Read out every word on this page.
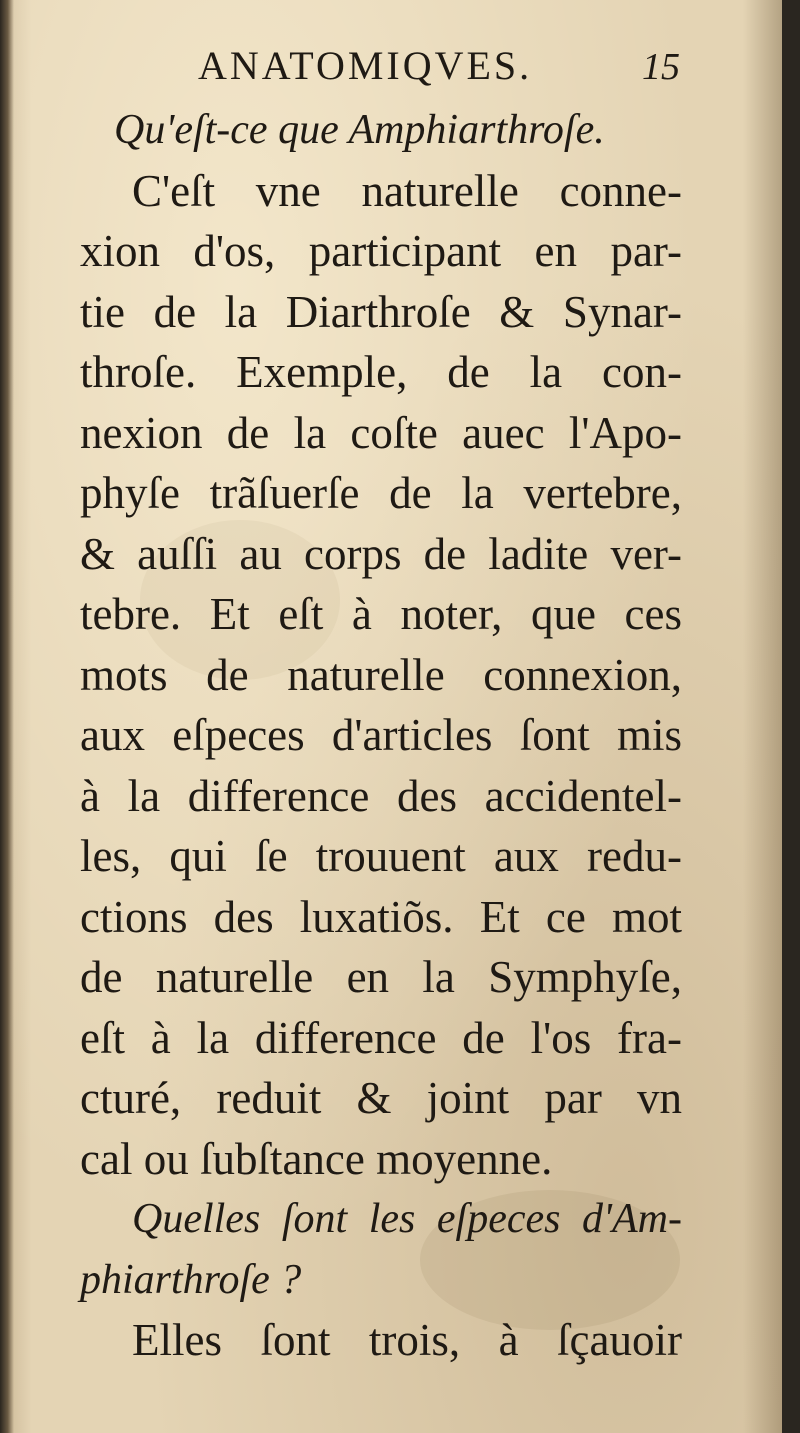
ANATOMIQVES.	15
Qu'eſt-ce que Amphiarthroſe.
C'eſt vne naturelle conne-
xion d'os, participant en par-
tie de la Diarthroſe & Synar-
throſe. Exemple, de la con-
nexion de la coſte auec l'Apo-
phyſe trãſuerſe de la vertebre,
& auſſi au corps de ladite ver-
tebre. Et eſt à noter, que ces
mots de naturelle connexion,
aux eſpeces d'articles ſont mis
à la difference des accidentel-
les, qui ſe trouuent aux redu-
ctions des luxatiõs. Et ce mot
de naturelle en la Symphyſe,
eſt à la difference de l'os fra-
cturé, reduit & joint par vn
cal ou ſubſtance moyenne.
Quelles ſont les eſpeces d'Am-
phiarthroſe ?
Elles ſont trois, à ſçauoir
